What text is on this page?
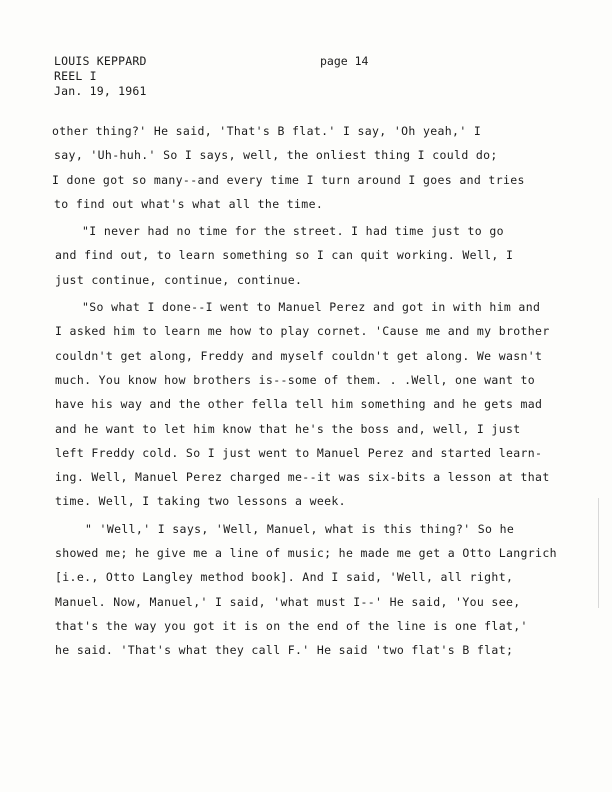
LOUIS KEPPARD
REEL I
Jan. 19, 1961
page 14
other thing?' He said, 'That's B flat.' I say, 'Oh yeah,' I
say, 'Uh-huh.' So I says, well, the onliest thing I could do;
I done got so many--and every time I turn around I goes and tries
to find out what's what all the time.
"I never had no time for the street. I had time just to go
and find out, to learn something so I can quit working. Well, I
just continue, continue, continue.
"So what I done--I went to Manuel Perez and got in with him and
I asked him to learn me how to play cornet. 'Cause me and my brother
couldn't get along, Freddy and myself couldn't get along. We wasn't
much. You know how brothers is--some of them. . .Well, one want to
have his way and the other fella tell him something and he gets mad
and he want to let him know that he's the boss and, well, I just
left Freddy cold. So I just went to Manuel Perez and started learn-
ing. Well, Manuel Perez charged me--it was six-bits a lesson at that
time. Well, I taking two lessons a week.
" 'Well,' I says, 'Well, Manuel, what is this thing?' So he
showed me; he give me a line of music; he made me get a Otto Langrich
[i.e., Otto Langley method book]. And I said, 'Well, all right,
Manuel. Now, Manuel,' I said, 'what must I--' He said, 'You see,
that's the way you got it is on the end of the line is one flat,'
he said. 'That's what they call F.' He said 'two flat's B flat;
